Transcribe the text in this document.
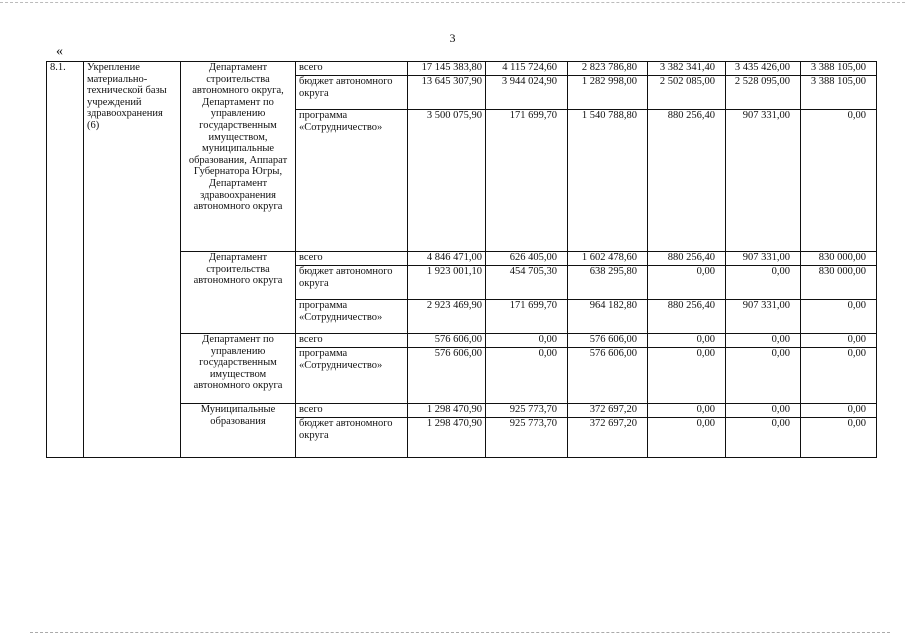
3
«
8.1.	Укрепление материально-технической базы учреждений здравоохранения (6)	Департамент строительства автономного округа, Департамент по управлению государственным имуществом, муниципальные образования, Аппарат Губернатора Югры, Департамент здравоохранения автономного округа	всего	17 145 383,80	4 115 724,60	2 823 786,80	3 382 341,40	3 435 426,00	3 388 105,00
			бюджет автономного округа	13 645 307,90	3 944 024,90	1 282 998,00	2 502 085,00	2 528 095,00	3 388 105,00
			программа «Сотрудничество»	3 500 075,90	171 699,70	1 540 788,80	880 256,40	907 331,00	0,00
		Департамент строительства автономного округа	всего	4 846 471,00	626 405,00	1 602 478,60	880 256,40	907 331,00	830 000,00
			бюджет автономного округа	1 923 001,10	454 705,30	638 295,80	0,00	0,00	830 000,00
			программа «Сотрудничество»	2 923 469,90	171 699,70	964 182,80	880 256,40	907 331,00	0,00
		Департамент по управлению государственным имуществом автономного округа	всего	576 606,00	0,00	576 606,00	0,00	0,00	0,00
			программа «Сотрудничество»	576 606,00	0,00	576 606,00	0,00	0,00	0,00
		Муниципальные образования	всего	1 298 470,90	925 773,70	372 697,20	0,00	0,00	0,00
			бюджет автономного округа	1 298 470,90	925 773,70	372 697,20	0,00	0,00	0,00
